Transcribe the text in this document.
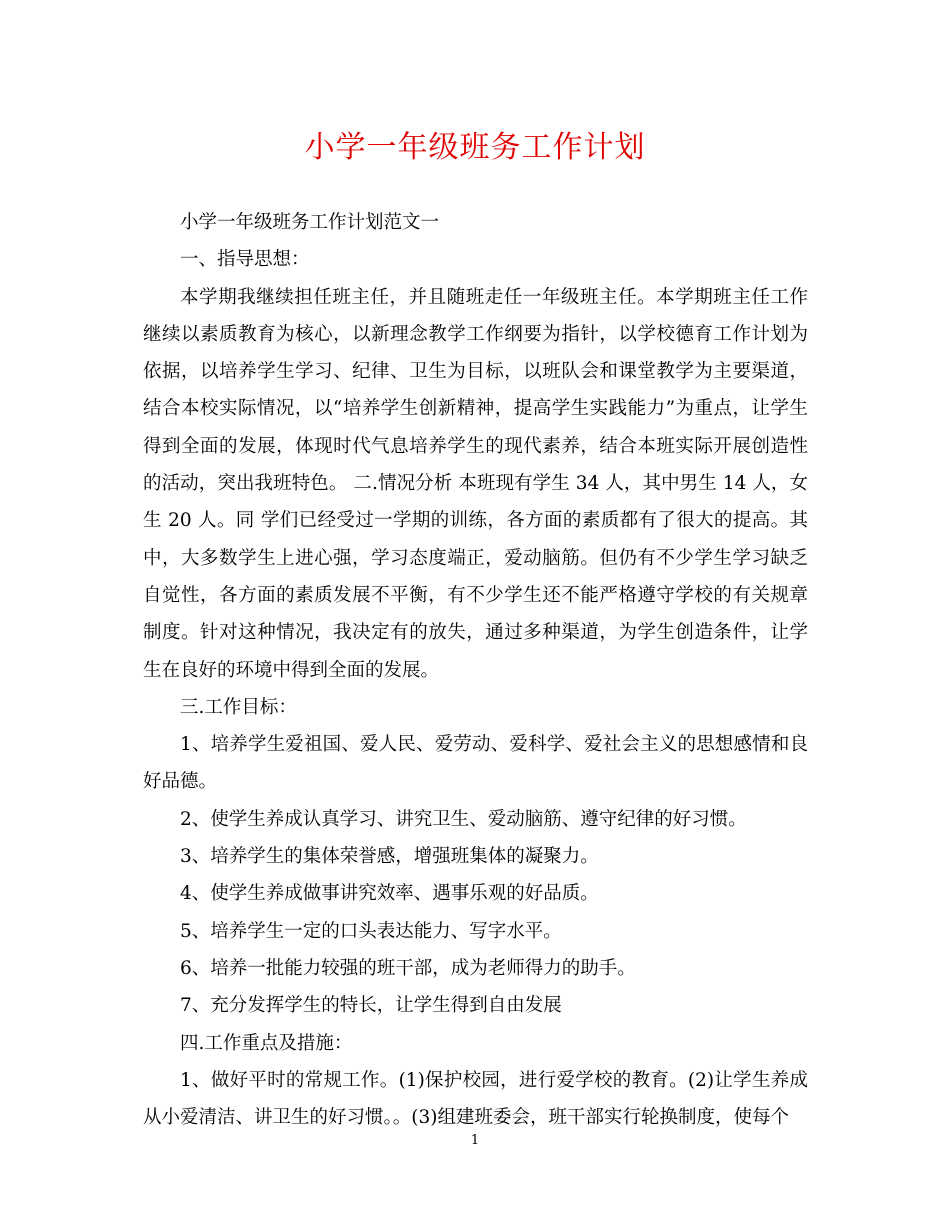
小学一年级班务工作计划

小学一年级班务工作计划范文一

一、指导思想：

本学期我继续担任班主任，并且随班走任一年级班主任。本学期班主任工作继续以素质教育为核心，以新理念教学工作纲要为指针，以学校德育工作计划为依据，以培养学生学习、纪律、卫生为目标，以班队会和课堂教学为主要渠道，结合本校实际情况，以“培养学生创新精神，提高学生实践能力”为重点，让学生得到全面的发展，体现时代气息培养学生的现代素养，结合本班实际开展创造性的活动，突出我班特色。 二.情况分析 本班现有学生 34 人，其中男生 14 人，女生 20 人。同 学们已经受过一学期的训练，各方面的素质都有了很大的提高。其中，大多数学生上进心强，学习态度端正，爱动脑筋。但仍有不少学生学习缺乏自觉性，各方面的素质发展不平衡，有不少学生还不能严格遵守学校的有关规章制度。针对这种情况，我决定有的放失，通过多种渠道，为学生创造条件，让学生在良好的环境中得到全面的发展。

三.工作目标：

1、培养学生爱祖国、爱人民、爱劳动、爱科学、爱社会主义的思想感情和良好品德。

2、使学生养成认真学习、讲究卫生、爱动脑筋、遵守纪律的好习惯。

3、培养学生的集体荣誉感，增强班集体的凝聚力。

4、使学生养成做事讲究效率、遇事乐观的好品质。

5、培养学生一定的口头表达能力、写字水平。

6、培养一批能力较强的班干部，成为老师得力的助手。

7、充分发挥学生的特长，让学生得到自由发展

四.工作重点及措施：

1、做好平时的常规工作。(1)保护校园，进行爱学校的教育。(2)让学生养成从小爱清洁、讲卫生的好习惯。。(3)组建班委会，班干部实行轮换制度，使每个

1
